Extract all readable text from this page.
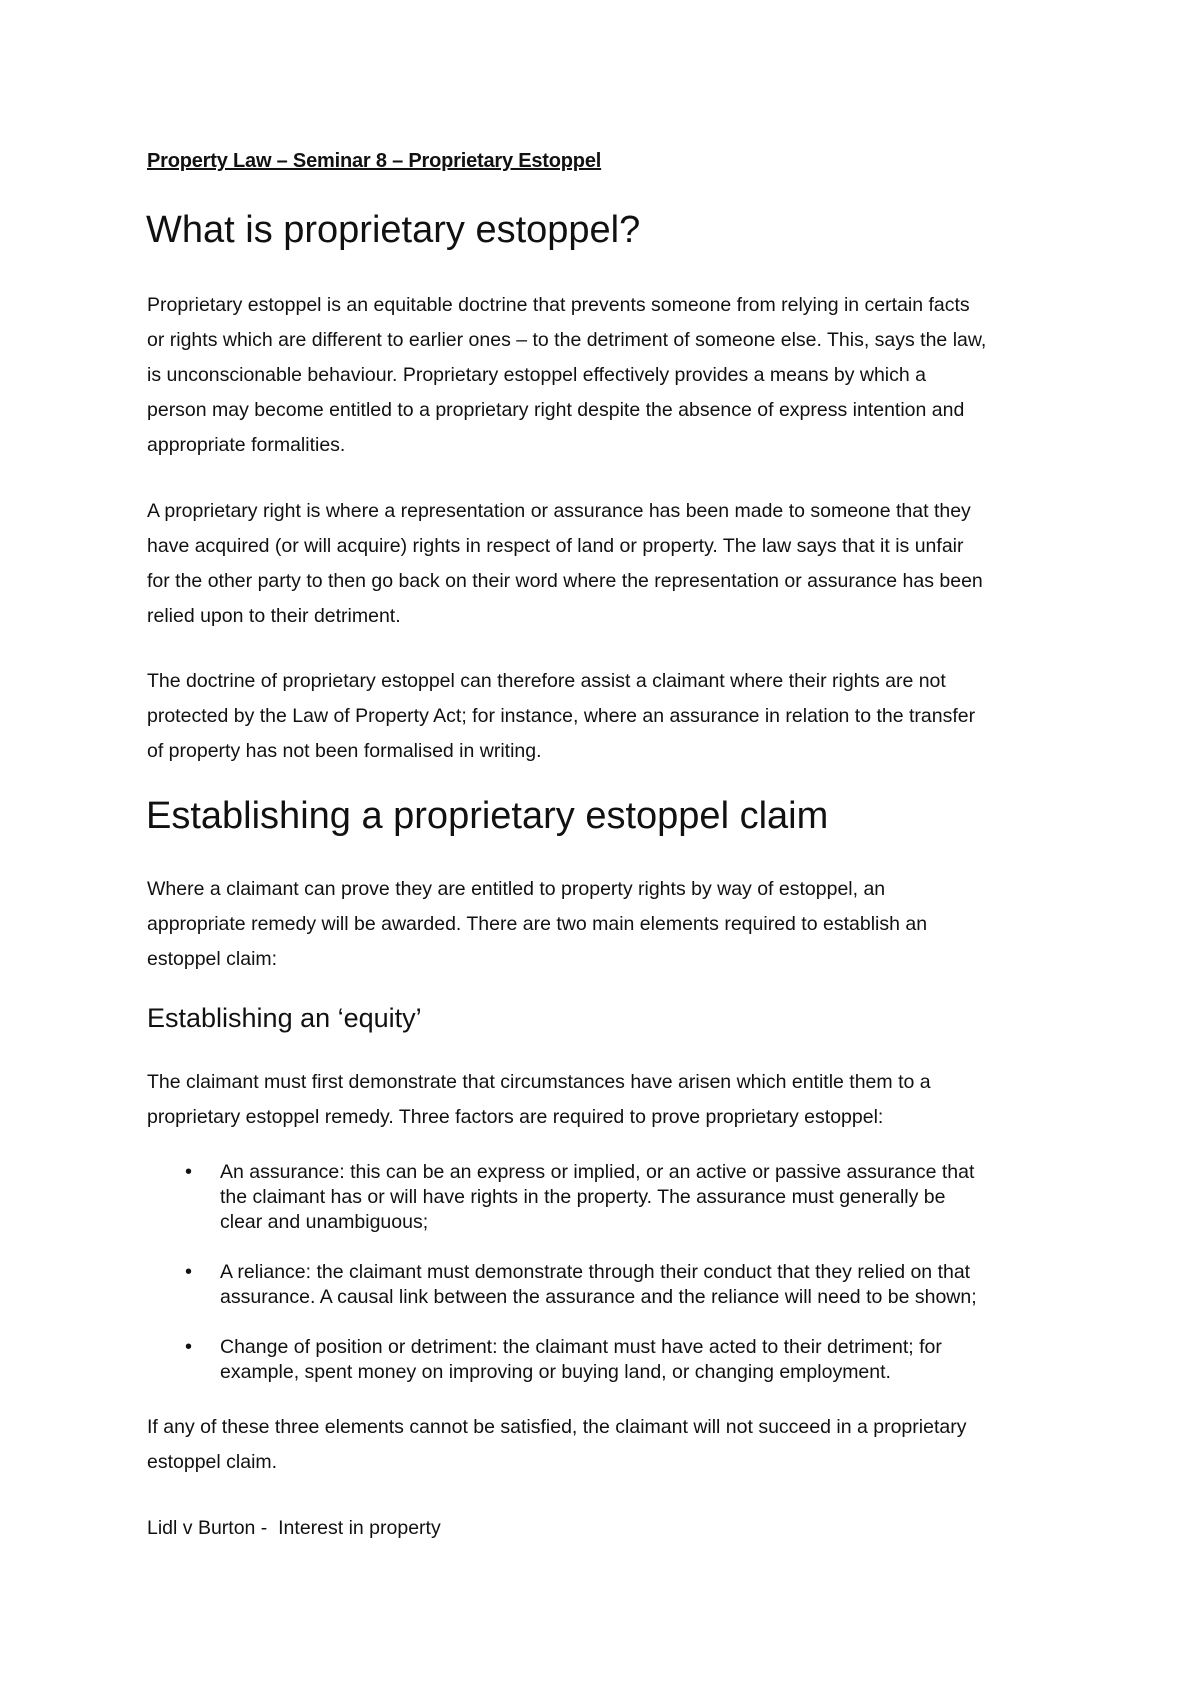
Property Law – Seminar 8 – Proprietary Estoppel
What is proprietary estoppel?

Proprietary estoppel is an equitable doctrine that prevents someone from relying in certain facts
or rights which are different to earlier ones – to the detriment of someone else. This, says the law,
is unconscionable behaviour. Proprietary estoppel effectively provides a means by which a
person may become entitled to a proprietary right despite the absence of express intention and
appropriate formalities.

A proprietary right is where a representation or assurance has been made to someone that they
have acquired (or will acquire) rights in respect of land or property. The law says that it is unfair
for the other party to then go back on their word where the representation or assurance has been
relied upon to their detriment.

The doctrine of proprietary estoppel can therefore assist a claimant where their rights are not
protected by the Law of Property Act; for instance, where an assurance in relation to the transfer
of property has not been formalised in writing.

Establishing a proprietary estoppel claim

Where a claimant can prove they are entitled to property rights by way of estoppel, an
appropriate remedy will be awarded. There are two main elements required to establish an
estoppel claim:

Establishing an ‘equity’

The claimant must first demonstrate that circumstances have arisen which entitle them to a
proprietary estoppel remedy. Three factors are required to prove proprietary estoppel:

• An assurance: this can be an express or implied, or an active or passive assurance that
the claimant has or will have rights in the property. The assurance must generally be
clear and unambiguous;
• A reliance: the claimant must demonstrate through their conduct that they relied on that
assurance. A causal link between the assurance and the reliance will need to be shown;
• Change of position or detriment: the claimant must have acted to their detriment; for
example, spent money on improving or buying land, or changing employment.

If any of these three elements cannot be satisfied, the claimant will not succeed in a proprietary
estoppel claim.

Lidl v Burton -  Interest in property
